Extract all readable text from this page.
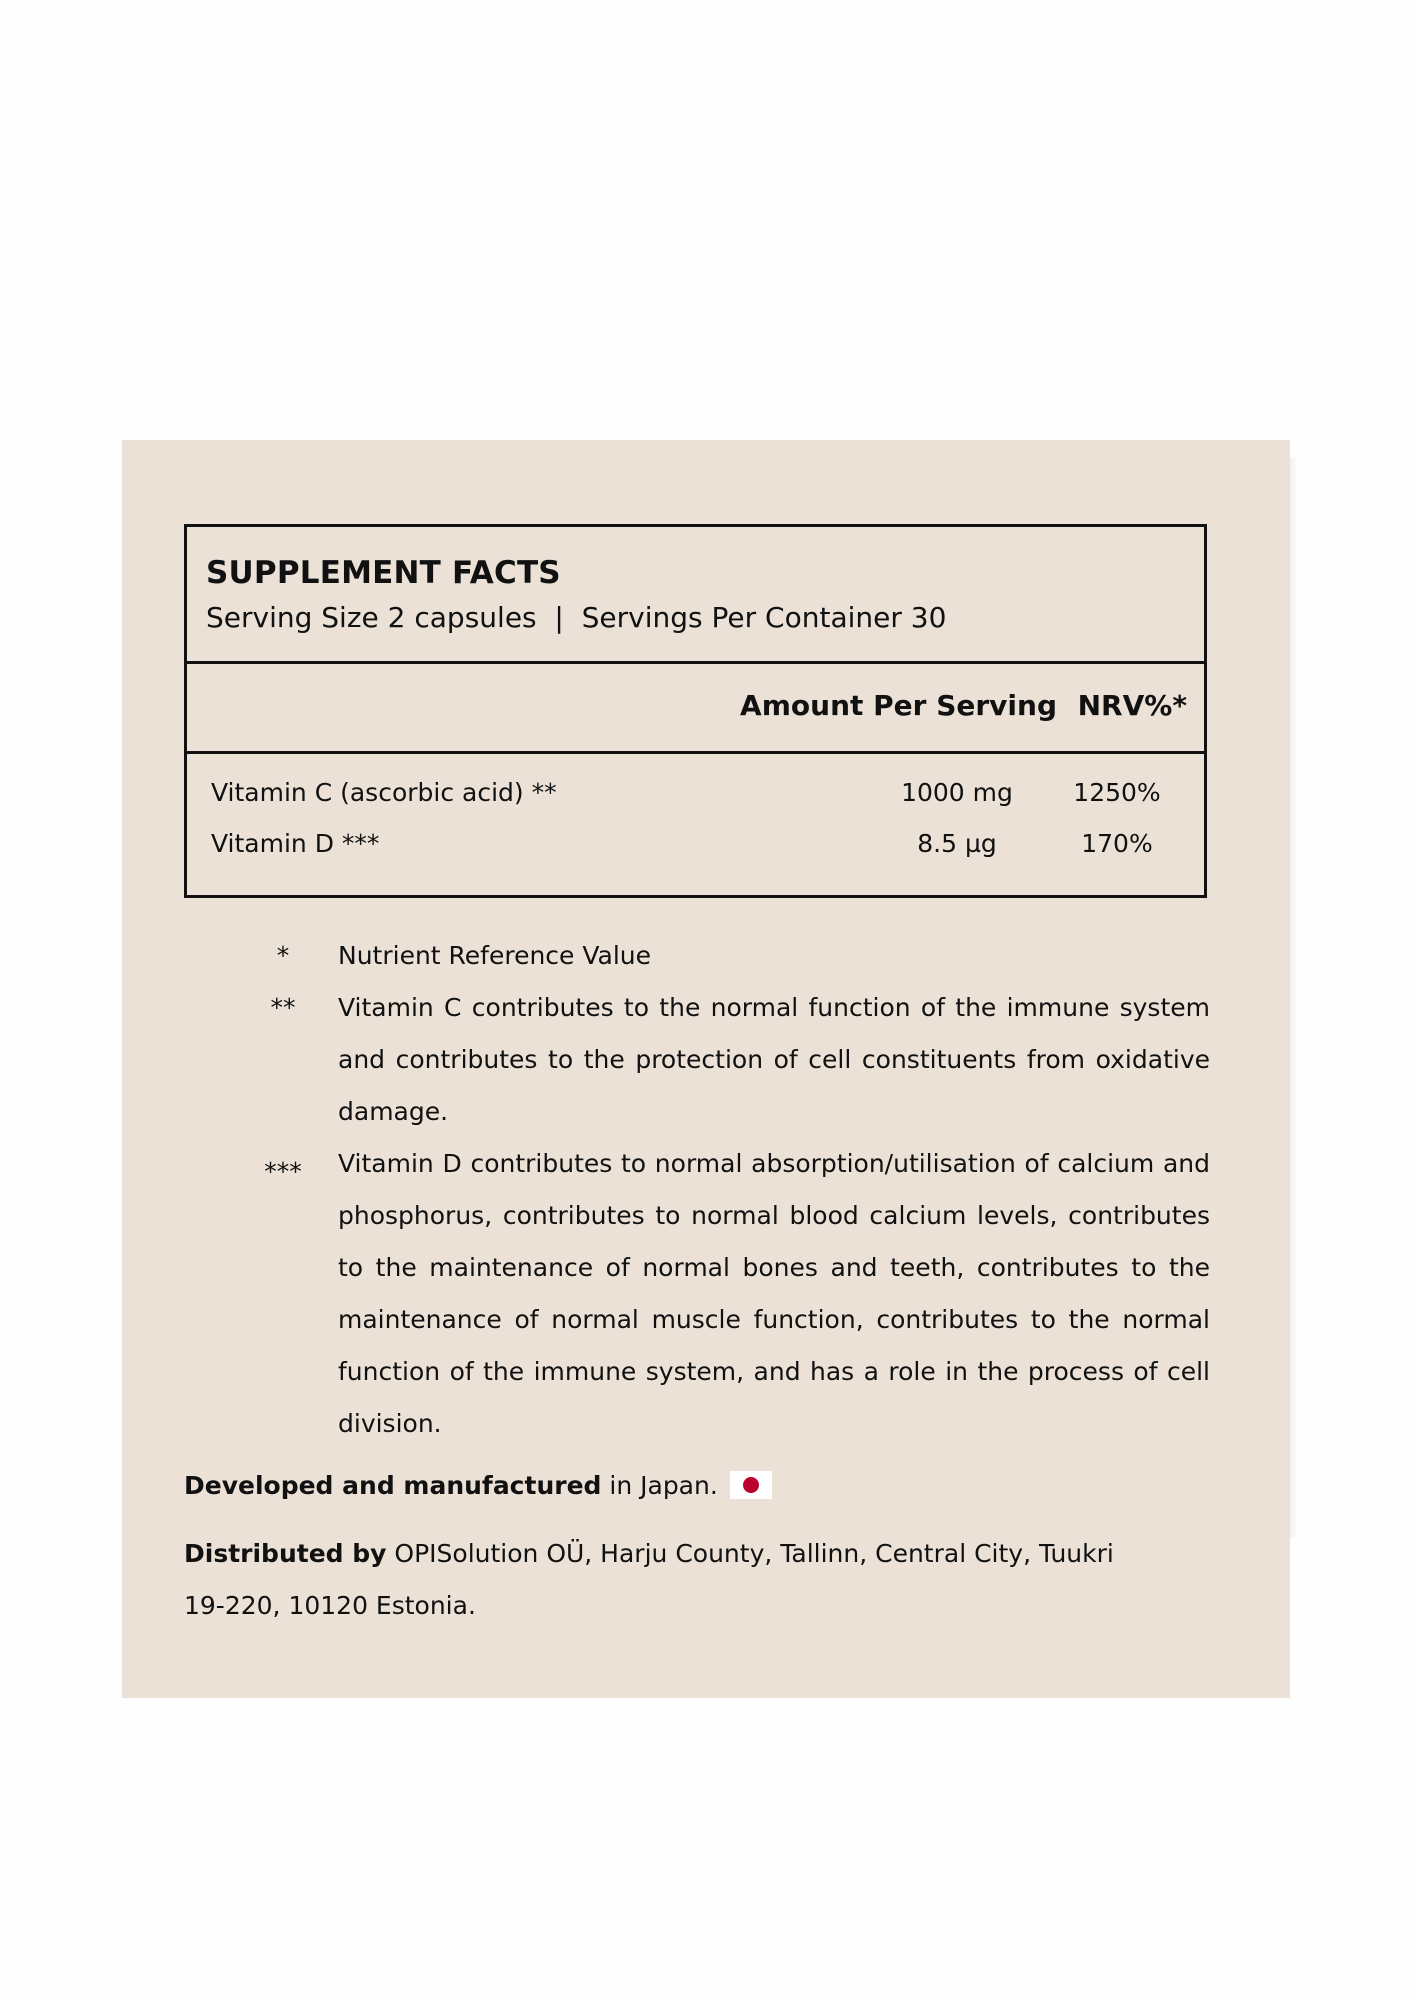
SUPPLEMENT FACTS
Serving Size 2 capsules  |  Servings Per Container 30
Amount Per Serving NRV%*
Vitamin C (ascorbic acid) **	1000 mg	1250%
Vitamin D ***	8.5 µg	170%
*	Nutrient Reference Value
**	Vitamin C contributes to the normal function of the immune system and contributes to the protection of cell constituents from oxidative damage.
***	Vitamin D contributes to normal absorption/utilisation of calcium and phosphorus, contributes to normal blood calcium levels, contributes to the maintenance of normal bones and teeth, contributes to the maintenance of normal muscle function, contributes to the normal function of the immune system, and has a role in the process of cell division.
Developed and manufactured in Japan.
Distributed by OPISolution OÜ, Harju County, Tallinn, Central City, Tuukri 19-220, 10120 Estonia.
